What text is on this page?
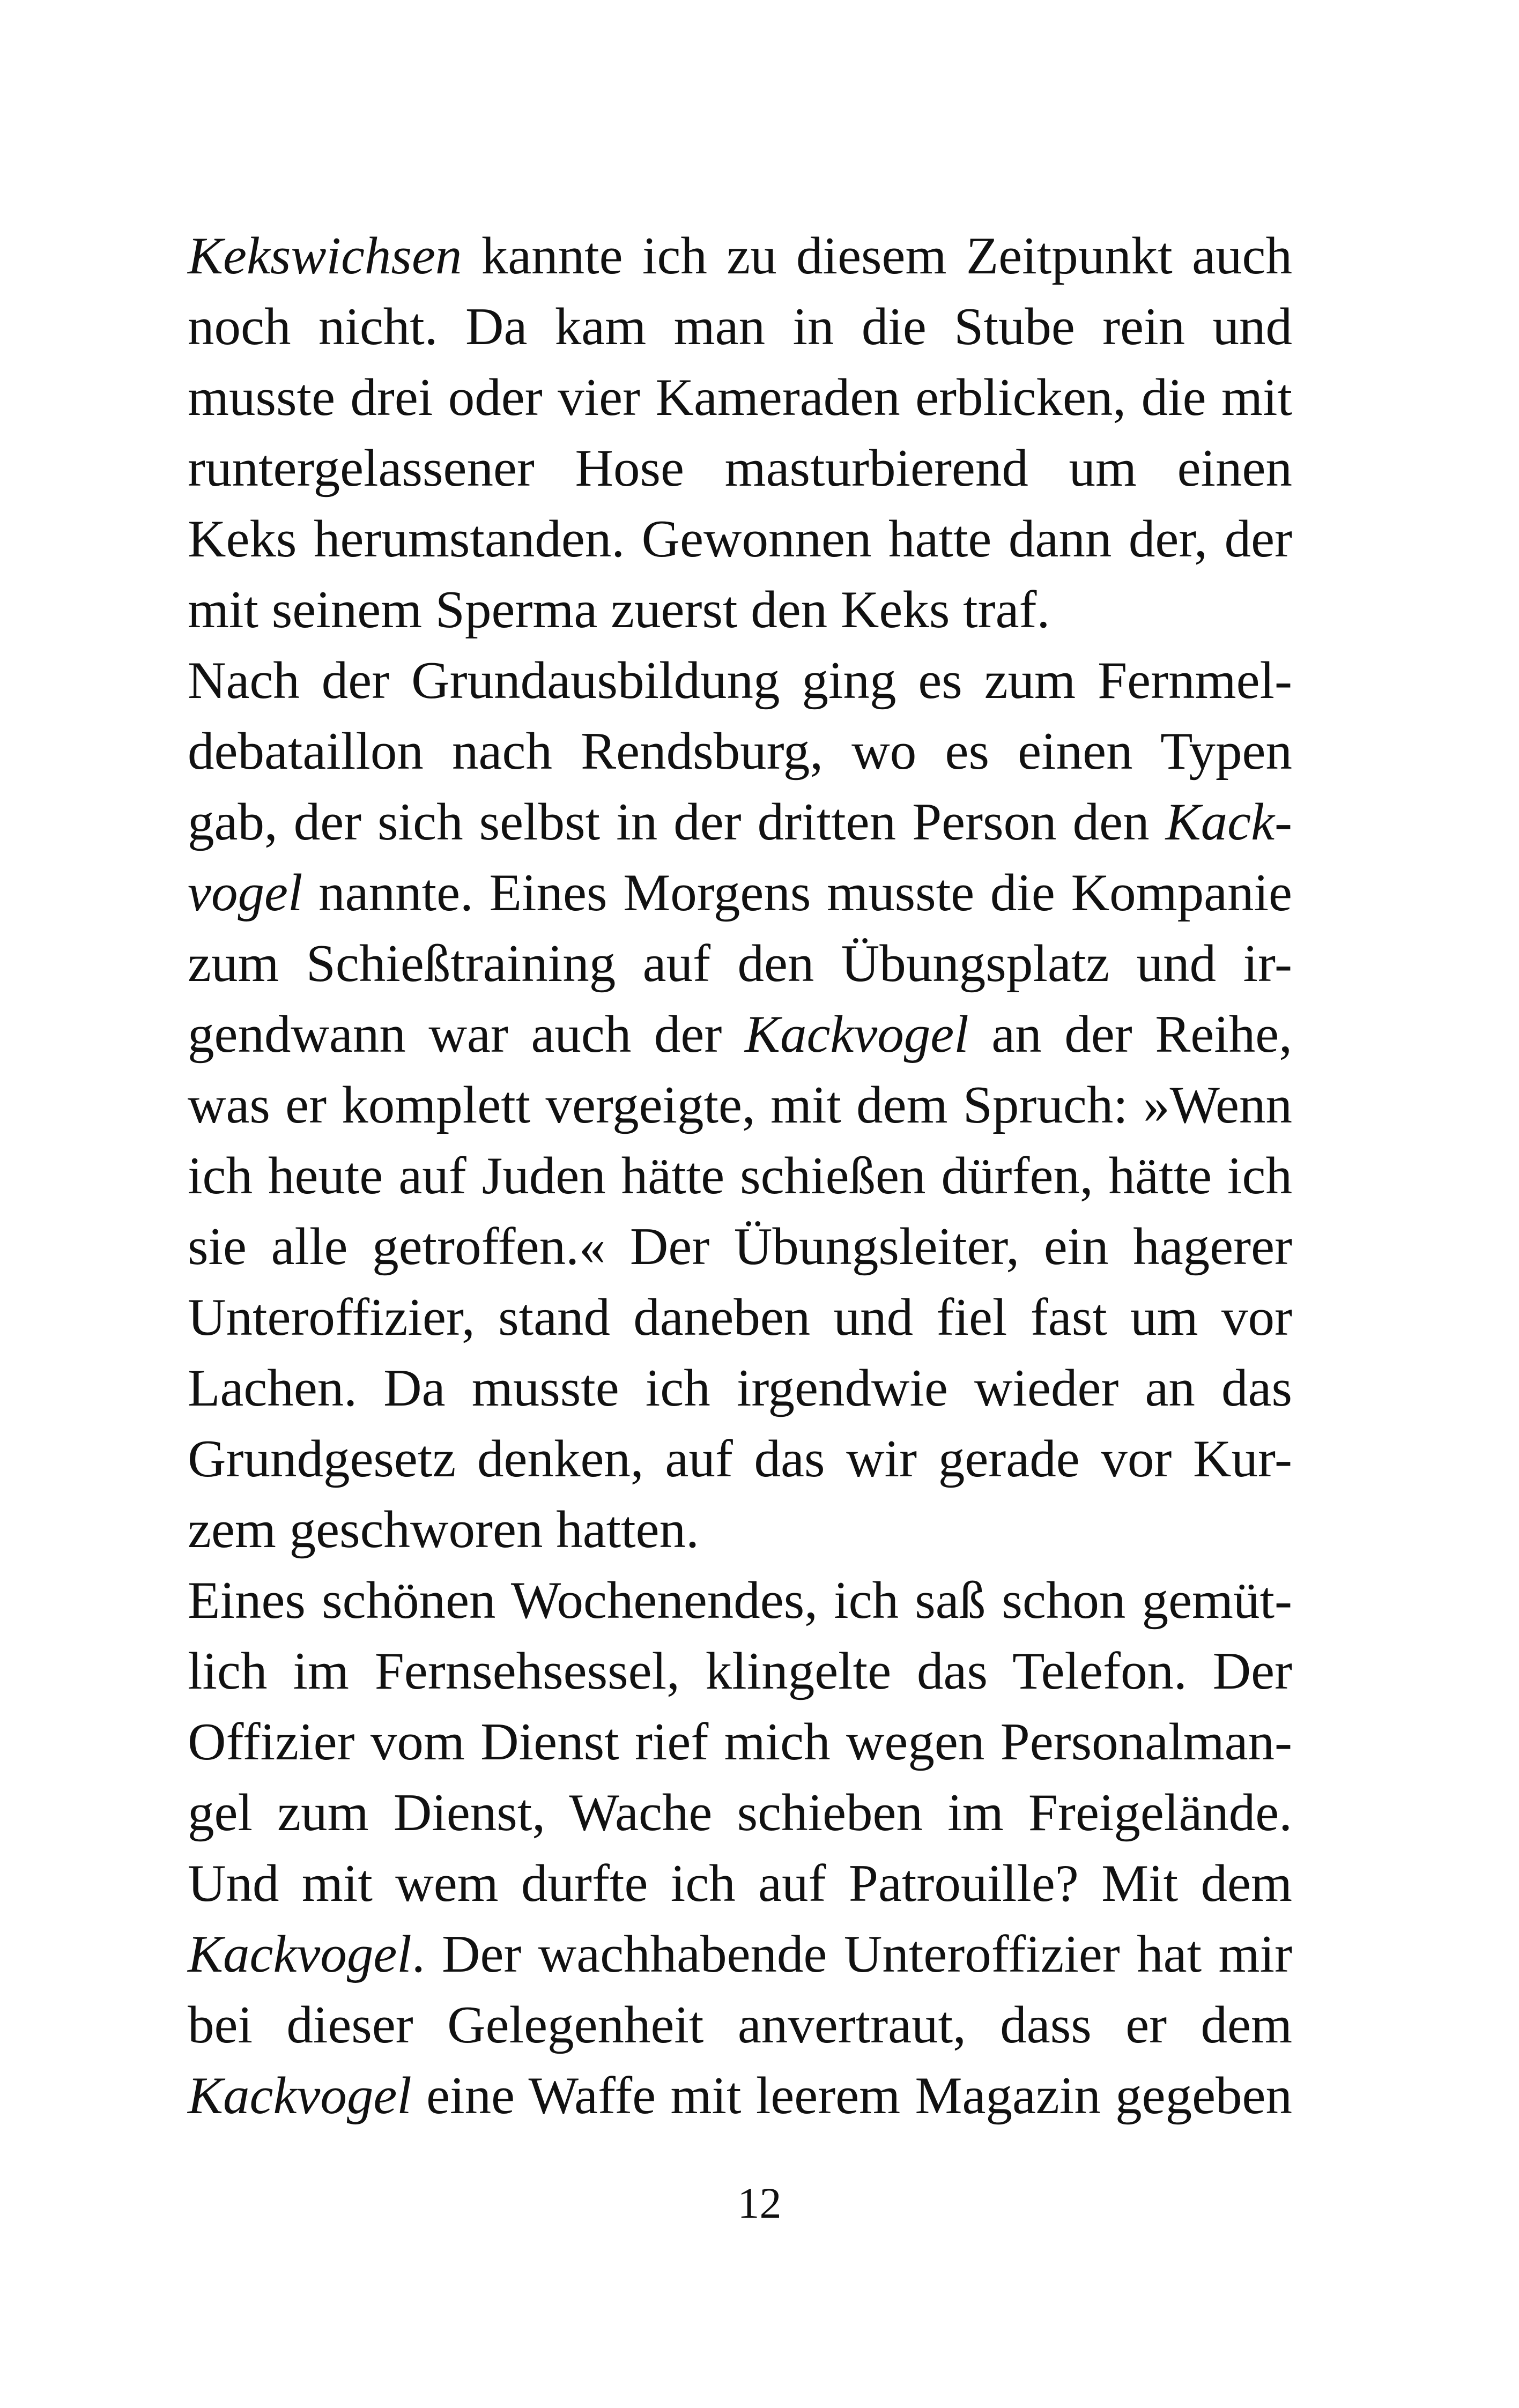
Kekswichsen kannte ich zu diesem Zeitpunkt auch
noch nicht. Da kam man in die Stube rein und
musste drei oder vier Kameraden erblicken, die mit
runtergelassener Hose masturbierend um einen
Keks herumstanden. Gewonnen hatte dann der, der
mit seinem Sperma zuerst den Keks traf.
Nach der Grundausbildung ging es zum Fernmel-
debataillon nach Rendsburg, wo es einen Typen
gab, der sich selbst in der dritten Person den Kack-
vogel nannte. Eines Morgens musste die Kompanie
zum Schießtraining auf den Übungsplatz und ir-
gendwann war auch der Kackvogel an der Reihe,
was er komplett vergeigte, mit dem Spruch: »Wenn
ich heute auf Juden hätte schießen dürfen, hätte ich
sie alle getroffen.« Der Übungsleiter, ein hagerer
Unteroffizier, stand daneben und fiel fast um vor
Lachen. Da musste ich irgendwie wieder an das
Grundgesetz denken, auf das wir gerade vor Kur-
zem geschworen hatten.
Eines schönen Wochenendes, ich saß schon gemüt-
lich im Fernsehsessel, klingelte das Telefon. Der
Offizier vom Dienst rief mich wegen Personalman-
gel zum Dienst, Wache schieben im Freigelände.
Und mit wem durfte ich auf Patrouille? Mit dem
Kackvogel. Der wachhabende Unteroffizier hat mir
bei dieser Gelegenheit anvertraut, dass er dem
Kackvogel eine Waffe mit leerem Magazin gegeben
12
